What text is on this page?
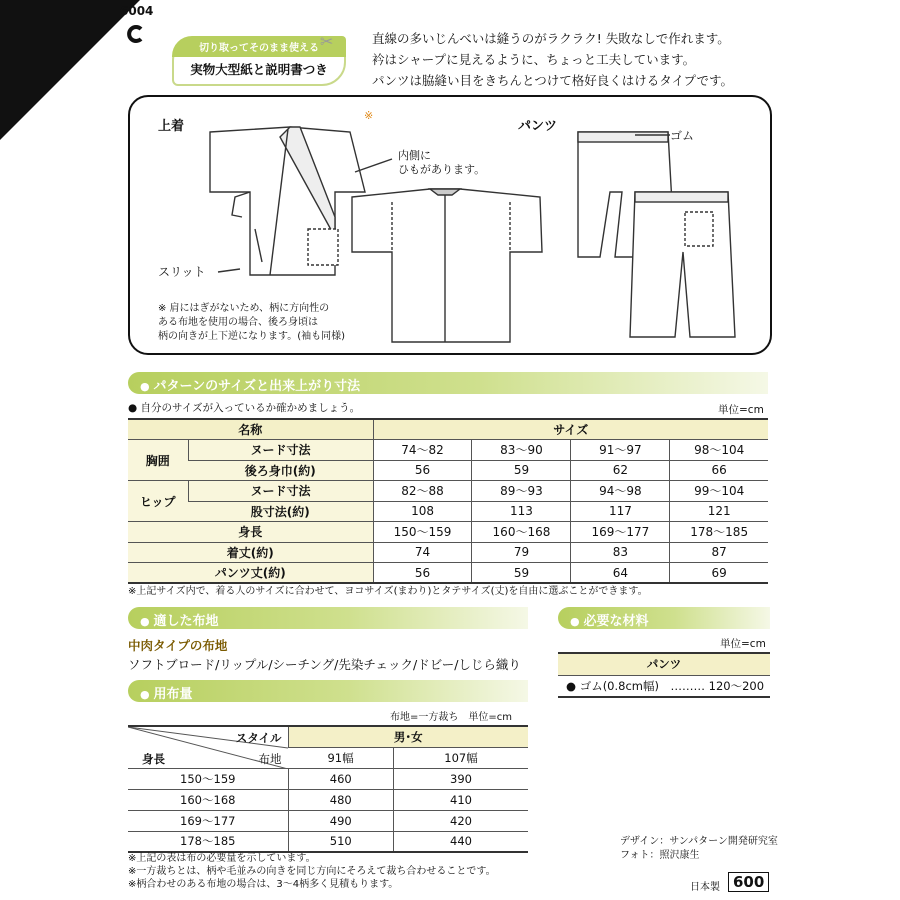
6004
切り取ってそのまま使える
実物大型紙と説明書つき
✂	直線の多いじんべいは縫うのがラクラク! 失敗なしで作れます。
衿はシャープに見えるように、ちょっと工夫しています。
パンツは脇縫い目をきちんとつけて格好良くはけるタイプです。
上着
※
パンツ
内側に
ひもがあります。
スリット
ゴム
※ 肩にはぎがないため、柄に方向性の
ある布地を使用の場合、後ろ身頃は
柄の向きが上下逆になります。(袖も同様)
● パターンのサイズと出来上がり寸法
● 自分のサイズが入っているか確かめましょう。	単位=cm
名称		サイズ			
胸囲	ヌード寸法	74～82	83～90	91～97	98～104
	後ろ身巾(約)	56	59	62	66
ヒップ	ヌード寸法	82～88	89～93	94～98	99～104
	股寸法(約)	108	113	117	121
身長		150～159	160～168	169～177	178～185
着丈(約)		74	79	83	87
パンツ丈(約)		56	59	64	69
※上記サイズ内で、着る人のサイズに合わせて、ヨコサイズ(まわり)とタテサイズ(丈)を自由に選ぶことができます。
● 適した布地
中肉タイプの布地
ソフトブロード/リップル/シーチング/先染チェック/ドビー/しじら織り
● 必要な材料
単位=cm
パンツ
● ゴム(0.8cm幅)　……… 120～200
● 用布量
布地=一方裁ち　単位=cm
スタイル
布地
身長	男･女	
	91幅	107幅
150～159	460	390
160～168	480	410
169～177	490	420
178～185	510	440
※上記の表は布の必要量を示しています。
※一方裁ちとは、柄や毛並みの向きを同じ方向にそろえて裁ち合わせることです。
※柄合わせのある布地の場合は、3～4柄多く見積もります。
デザイン：サンパターン開発研究室
フォト：照沢康生
日本製 600
